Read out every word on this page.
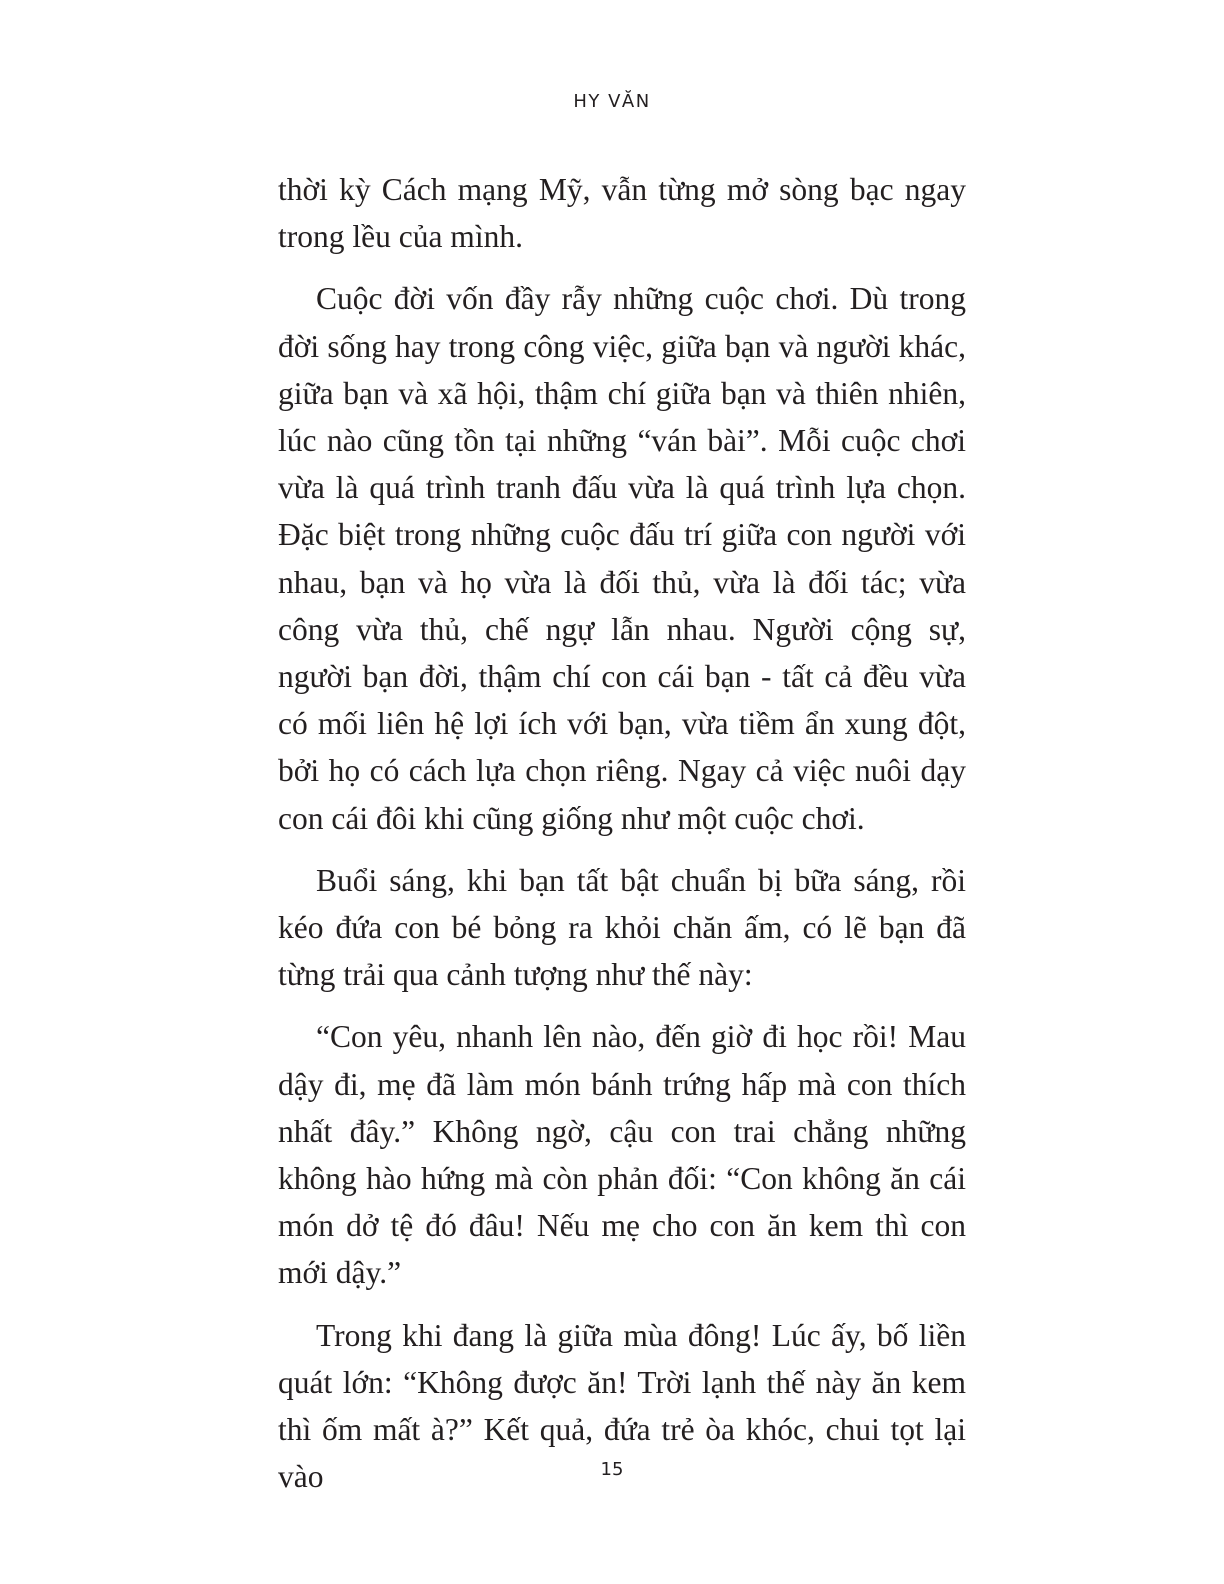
HY VĂN

thời kỳ Cách mạng Mỹ, vẫn từng mở sòng bạc ngay trong lều của mình.

Cuộc đời vốn đầy rẫy những cuộc chơi. Dù trong đời sống hay trong công việc, giữa bạn và người khác, giữa bạn và xã hội, thậm chí giữa bạn và thiên nhiên, lúc nào cũng tồn tại những “ván bài”. Mỗi cuộc chơi vừa là quá trình tranh đấu vừa là quá trình lựa chọn. Đặc biệt trong những cuộc đấu trí giữa con người với nhau, bạn và họ vừa là đối thủ, vừa là đối tác; vừa công vừa thủ, chế ngự lẫn nhau. Người cộng sự, người bạn đời, thậm chí con cái bạn - tất cả đều vừa có mối liên hệ lợi ích với bạn, vừa tiềm ẩn xung đột, bởi họ có cách lựa chọn riêng. Ngay cả việc nuôi dạy con cái đôi khi cũng giống như một cuộc chơi.

Buổi sáng, khi bạn tất bật chuẩn bị bữa sáng, rồi kéo đứa con bé bỏng ra khỏi chăn ấm, có lẽ bạn đã từng trải qua cảnh tượng như thế này:

“Con yêu, nhanh lên nào, đến giờ đi học rồi! Mau dậy đi, mẹ đã làm món bánh trứng hấp mà con thích nhất đây.” Không ngờ, cậu con trai chẳng những không hào hứng mà còn phản đối: “Con không ăn cái món dở tệ đó đâu! Nếu mẹ cho con ăn kem thì con mới dậy.”

Trong khi đang là giữa mùa đông! Lúc ấy, bố liền quát lớn: “Không được ăn! Trời lạnh thế này ăn kem thì ốm mất à?” Kết quả, đứa trẻ òa khóc, chui tọt lại vào	15
